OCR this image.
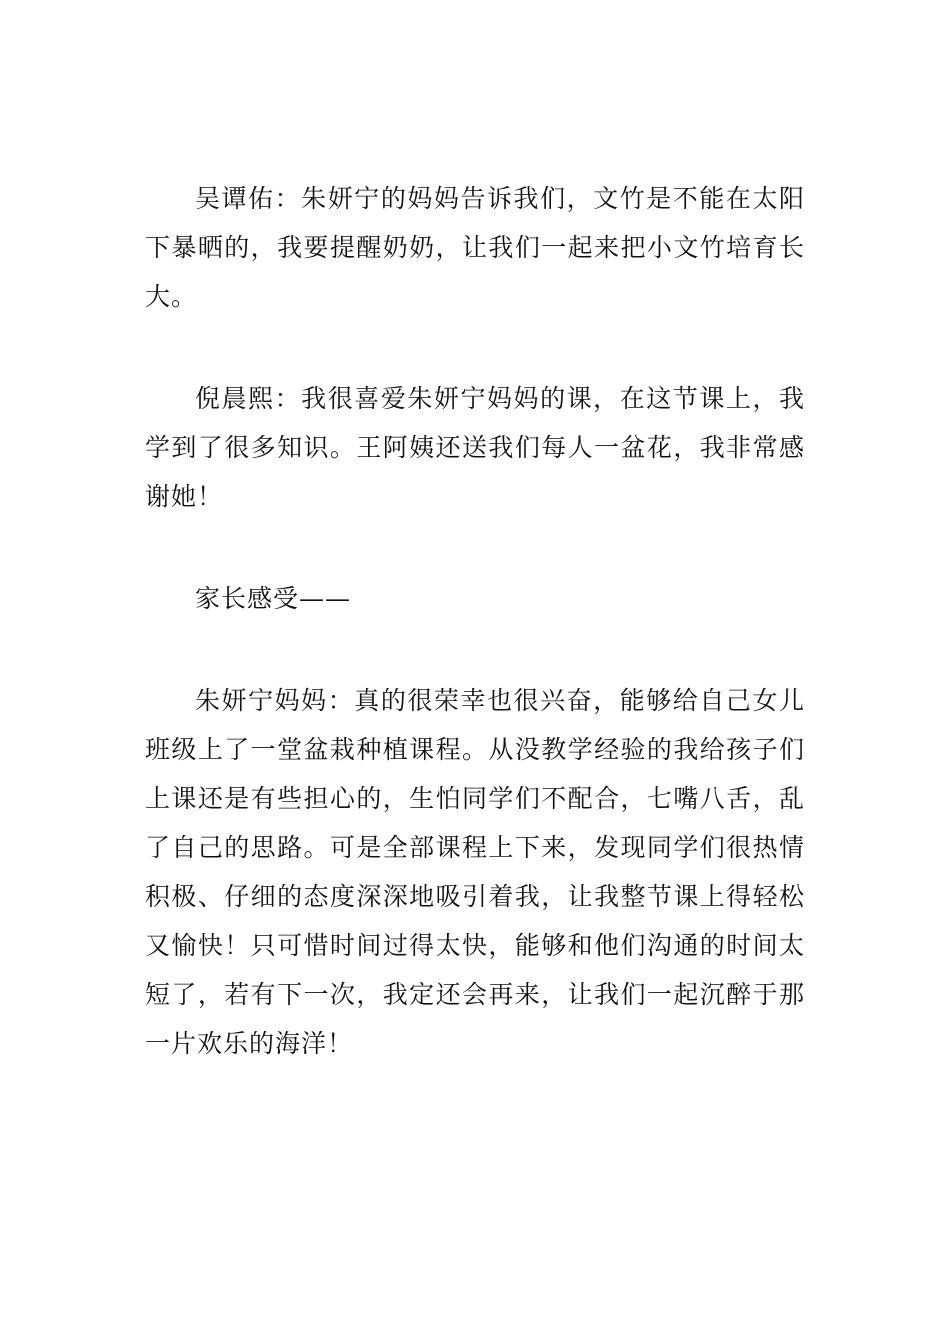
吴谭佑：朱妍宁的妈妈告诉我们，文竹是不能在太阳下暴晒的，我要提醒奶奶，让我们一起来把小文竹培育长大。

倪晨熙：我很喜爱朱妍宁妈妈的课，在这节课上，我学到了很多知识。王阿姨还送我们每人一盆花，我非常感谢她！

家长感受——

朱妍宁妈妈：真的很荣幸也很兴奋，能够给自己女儿班级上了一堂盆栽种植课程。从没教学经验的我给孩子们上课还是有些担心的，生怕同学们不配合，七嘴八舌，乱了自己的思路。可是全部课程上下来，发现同学们很热情积极、仔细的态度深深地吸引着我，让我整节课上得轻松又愉快！只可惜时间过得太快，能够和他们沟通的时间太短了，若有下一次，我定还会再来，让我们一起沉醉于那一片欢乐的海洋！
